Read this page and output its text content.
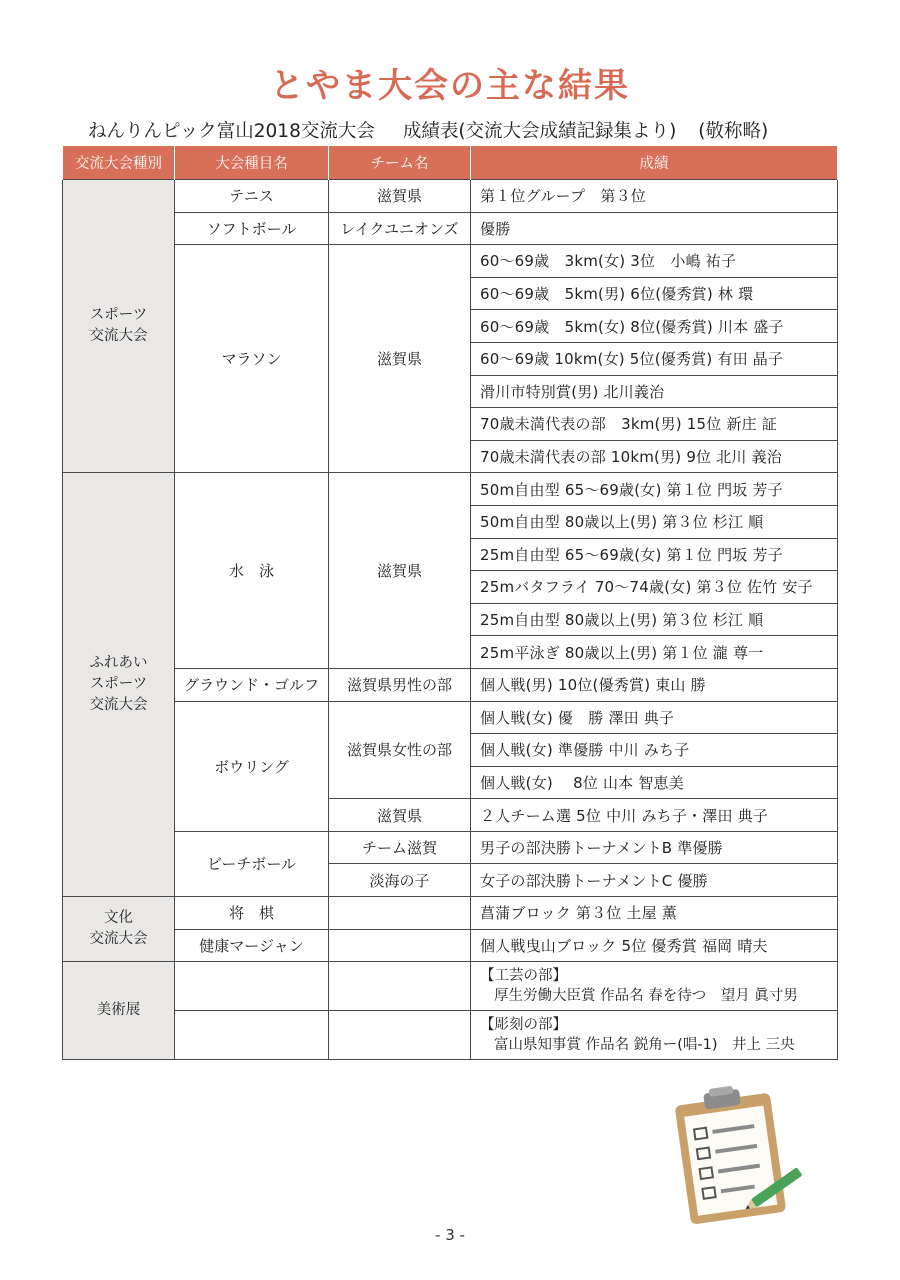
とやま大会の主な結果
ねんりんピック富山2018交流大会 成績表(交流大会成績記録集より) (敬称略)
交流大会種別	大会種目名	チーム名	成績

スポーツ
交流大会	テニス	滋賀県	第１位グループ　第３位
	ソフトボール	レイクユニオンズ	優勝
	マラソン	滋賀県	60～69歳　3km(女) 3位　小嶋 祐子
			60～69歳　5km(男) 6位(優秀賞) 林 環
			60～69歳　5km(女) 8位(優秀賞) 川本 盛子
			60～69歳 10km(女) 5位(優秀賞) 有田 晶子
			滑川市特別賞(男) 北川義治
			70歳未満代表の部　3km(男) 15位 新庄 証
			70歳未満代表の部 10km(男) 9位 北川 義治

ふれあい
スポーツ
交流大会	水　泳	滋賀県	50m自由型 65～69歳(女) 第１位 門坂 芳子
			50m自由型 80歳以上(男) 第３位 杉江 順
			25m自由型 65～69歳(女) 第１位 門坂 芳子
			25mバタフライ 70～74歳(女) 第３位 佐竹 安子
			25m自由型 80歳以上(男) 第３位 杉江 順
			25m平泳ぎ 80歳以上(男) 第１位 瀧 尊一
	グラウンド・ゴルフ	滋賀県男性の部	個人戦(男) 10位(優秀賞) 東山 勝
	ボウリング	滋賀県女性の部	個人戦(女) 優　勝 澤田 典子
			個人戦(女) 準優勝 中川 みち子
			個人戦(女)　 8位 山本 智恵美
		滋賀県	２人チーム選 5位 中川 みち子・澤田 典子
	ビーチボール	チーム滋賀	男子の部決勝トーナメントB 準優勝
		淡海の子	女子の部決勝トーナメントC 優勝

文化
交流大会	将　棋		菖蒲ブロック 第３位 土屋 薫
	健康マージャン		個人戦曳山ブロック 5位 優秀賞 福岡 晴夫
美術展			【工芸の部】
厚生労働大臣賞 作品名 春を待つ　望月 眞寸男

			【彫刻の部】
富山県知事賞 作品名 鋭角ー(唱-1)　井上 三央
- 3 -
